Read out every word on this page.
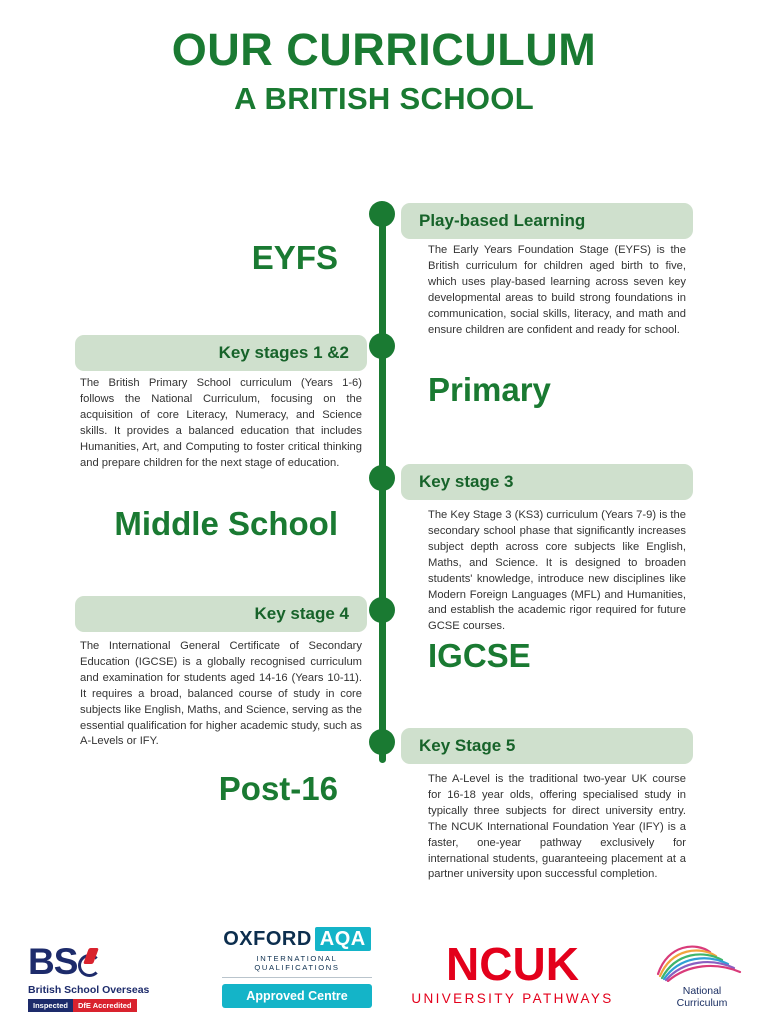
OUR CURRICULUM
A BRITISH SCHOOL
Play-based Learning
The Early Years Foundation Stage (EYFS) is the British curriculum for children aged birth to five, which uses play-based learning across seven key developmental areas to build strong foundations in communication, social skills, literacy, and math and ensure children are confident and ready for school.
EYFS
Key stages 1 &2
The British Primary School curriculum (Years 1-6) follows the National Curriculum, focusing on the acquisition of core Literacy, Numeracy, and Science skills. It provides a balanced education that includes Humanities, Art, and Computing to foster critical thinking and prepare children for the next stage of education.
Primary
Key stage 3
The Key Stage 3 (KS3) curriculum (Years 7-9) is the secondary school phase that significantly increases subject depth across core subjects like English, Maths, and Science. It is designed to broaden students' knowledge, introduce new disciplines like Modern Foreign Languages (MFL) and Humanities, and establish the academic rigor required for future GCSE courses.
Middle School
Key stage 4
The International General Certificate of Secondary Education (IGCSE) is a globally recognised curriculum and examination for students aged 14-16 (Years 10-11). It requires a broad, balanced course of study in core subjects like English, Maths, and Science, serving as the essential qualification for higher academic study, such as A-Levels or IFY.
IGCSE
Key Stage 5
The A-Level is the traditional two-year UK course for 16-18 year olds, offering specialised study in typically three subjects for direct university entry. The NCUK International Foundation Year (IFY) is a faster, one-year pathway exclusively for international students, guaranteeing placement at a partner university upon successful completion.
Post-16
BS
British School Overseas
Inspected	DfE Accredited
OXFORD AQA
INTERNATIONAL QUALIFICATIONS
Approved Centre
NCUK
UNIVERSITY PATHWAYS
National
Curriculum
